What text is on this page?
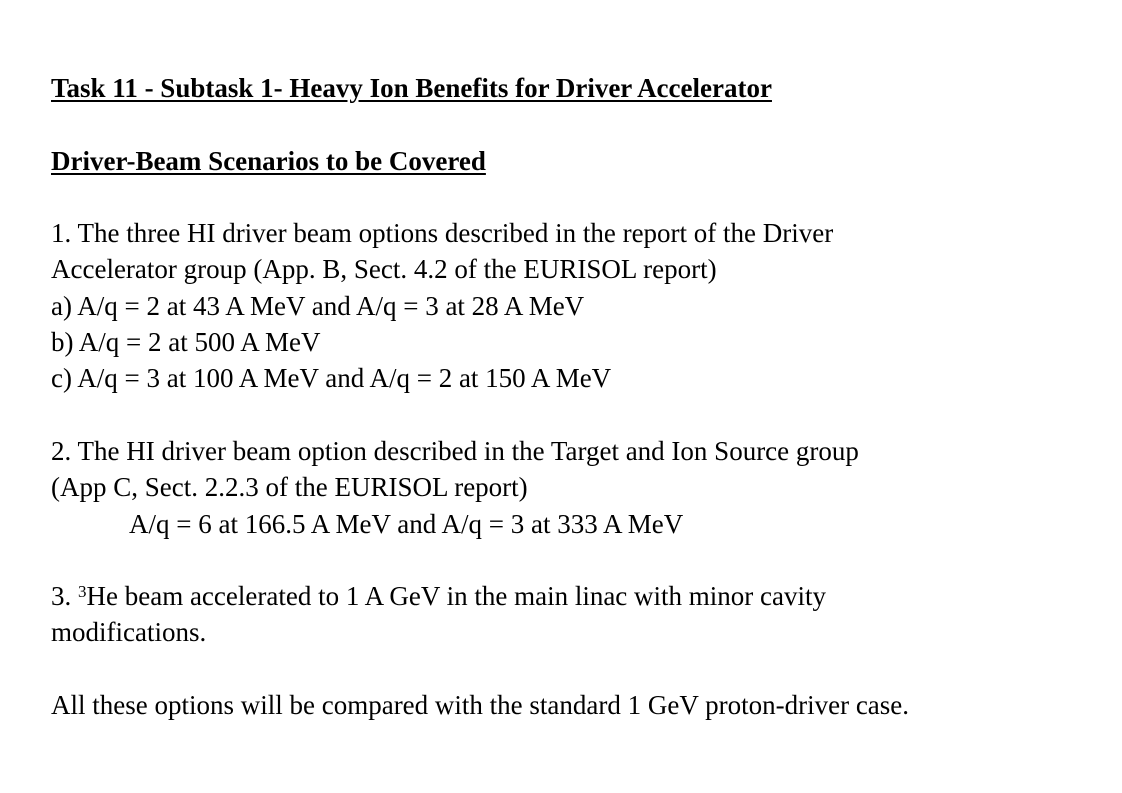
Task 11 - Subtask 1- Heavy Ion Benefits for Driver Accelerator

Driver-Beam Scenarios to be Covered

1. The three HI driver beam options described in the report of the Driver

Accelerator group (App. B, Sect. 4.2 of the EURISOL report)

a) A/q = 2 at 43 A MeV and A/q = 3 at 28 A MeV

b) A/q = 2 at 500 A MeV

c) A/q = 3 at 100 A MeV and A/q = 2 at 150 A MeV

2. The HI driver beam option described in the Target and Ion Source group

(App C, Sect. 2.2.3 of the EURISOL report)

A/q = 6 at 166.5 A MeV and A/q = 3 at 333 A MeV

3. $^3$He beam accelerated to 1 A GeV in the main linac with minor cavity

modifications.

All these options will be compared with the standard 1 GeV proton-driver case.
